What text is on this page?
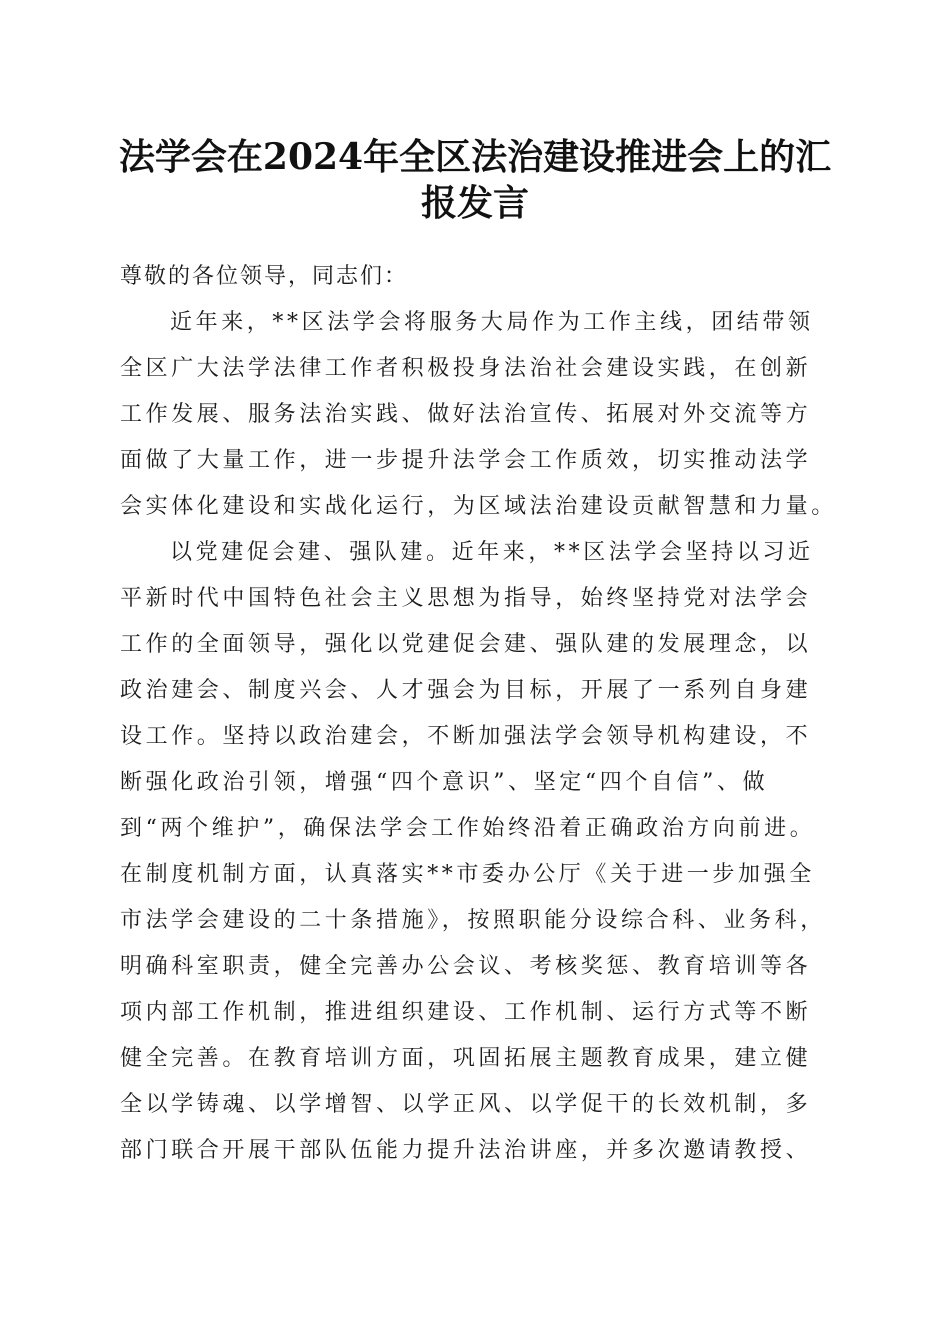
法学会在2024年全区法治建设推进会上的汇
报发言
尊敬的各位领导，同志们：
近年来，**区法学会将服务大局作为工作主线，团结带领
全区广大法学法律工作者积极投身法治社会建设实践，在创新
工作发展、服务法治实践、做好法治宣传、拓展对外交流等方
面做了大量工作，进一步提升法学会工作质效，切实推动法学
会实体化建设和实战化运行，为区域法治建设贡献智慧和力量。
以党建促会建、强队建。近年来，**区法学会坚持以习近
平新时代中国特色社会主义思想为指导，始终坚持党对法学会
工作的全面领导，强化以党建促会建、强队建的发展理念，以
政治建会、制度兴会、人才强会为目标，开展了一系列自身建
设工作。坚持以政治建会，不断加强法学会领导机构建设，不
断强化政治引领，增强“四个意识”、坚定“四个自信”、做
到“两个维护”，确保法学会工作始终沿着正确政治方向前进。
在制度机制方面，认真落实**市委办公厅《关于进一步加强全
市法学会建设的二十条措施》，按照职能分设综合科、业务科，
明确科室职责，健全完善办公会议、考核奖惩、教育培训等各
项内部工作机制，推进组织建设、工作机制、运行方式等不断
健全完善。在教育培训方面，巩固拓展主题教育成果，建立健
全以学铸魂、以学增智、以学正风、以学促干的长效机制，多
部门联合开展干部队伍能力提升法治讲座，并多次邀请教授、
